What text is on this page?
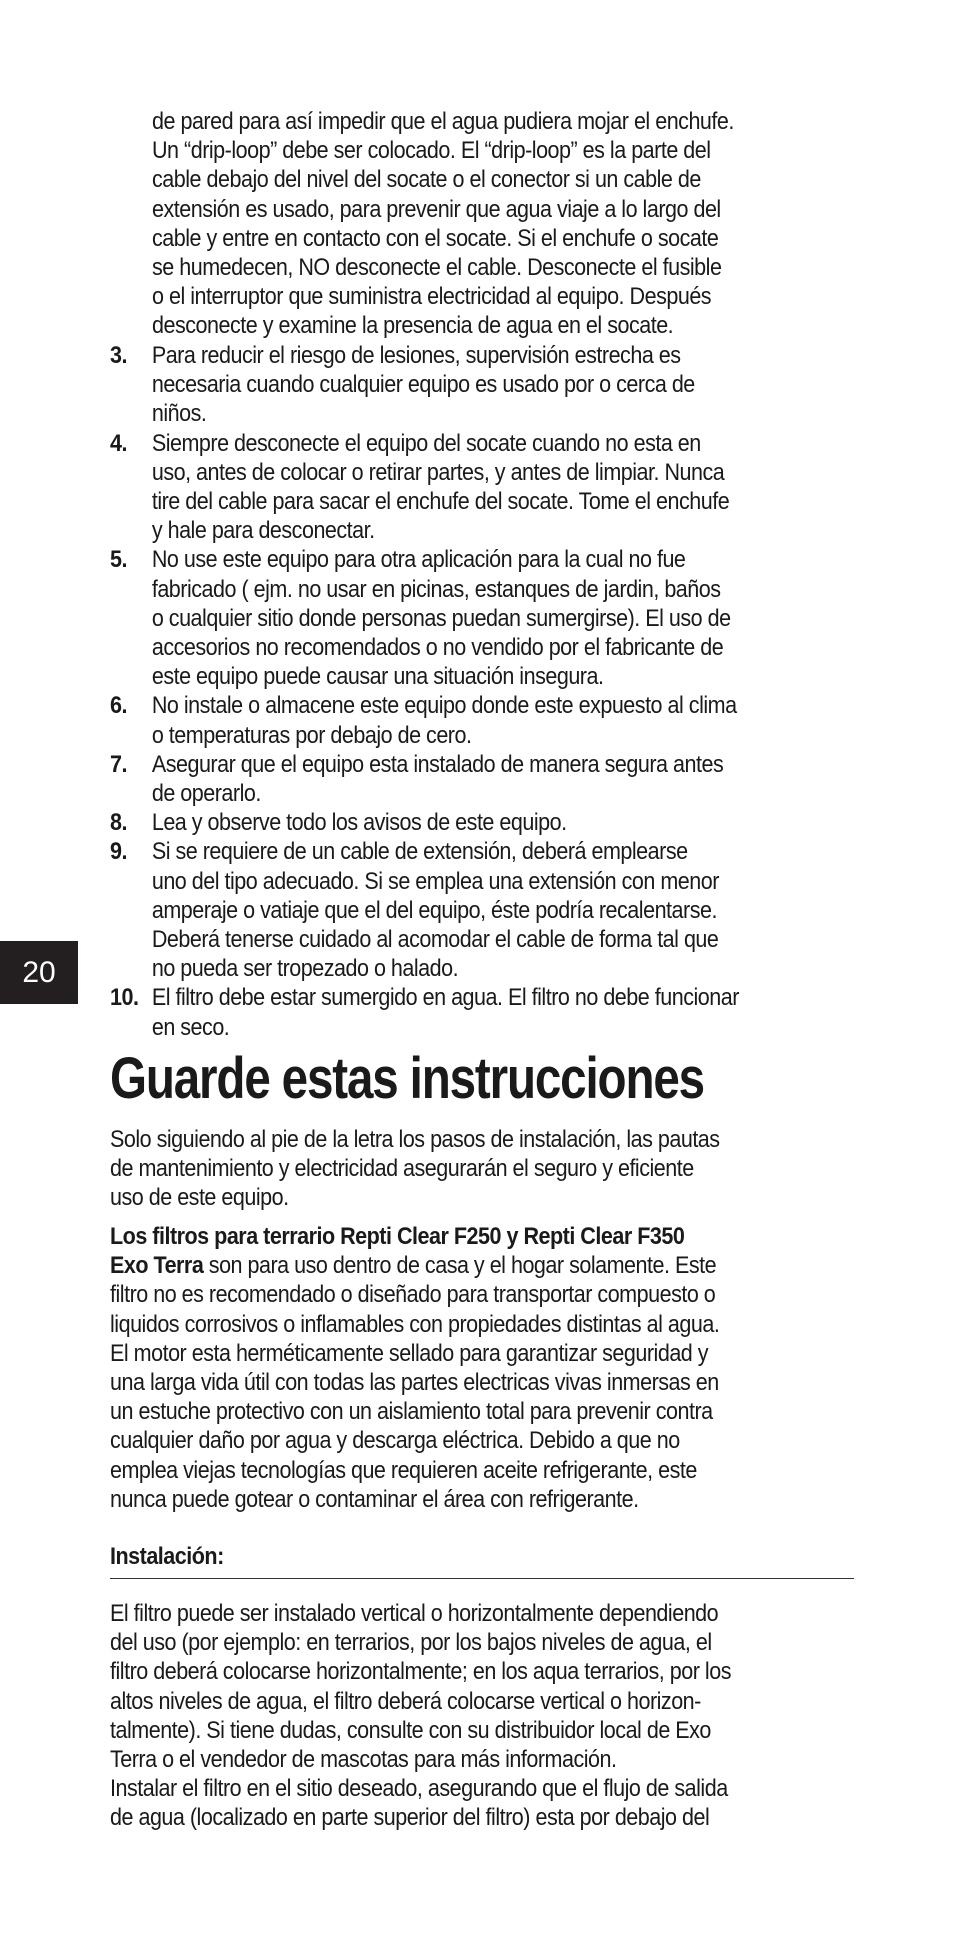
de pared para así impedir que el agua pudiera mojar el enchufe.
Un “drip-loop” debe ser colocado. El “drip-loop” es la parte del
cable debajo del nivel del socate o el conector si un cable de
extensión es usado, para prevenir que agua viaje a lo largo del
cable y entre en contacto con el socate. Si el enchufe o socate
se humedecen, NO desconecte el cable. Desconecte el fusible
o el interruptor que suministra electricidad al equipo. Después
desconecte y examine la presencia de agua en el socate.
3. Para reducir el riesgo de lesiones, supervisión estrecha es
necesaria cuando cualquier equipo es usado por o cerca de
niños.
4. Siempre desconecte el equipo del socate cuando no esta en
uso, antes de colocar o retirar partes, y antes de limpiar. Nunca
tire del cable para sacar el enchufe del socate. Tome el enchufe
y hale para desconectar.
5. No use este equipo para otra aplicación para la cual no fue
fabricado ( ejm. no usar en picinas, estanques de jardin, baños
o cualquier sitio donde personas puedan sumergirse). El uso de
accesorios no recomendados o no vendido por el fabricante de
este equipo puede causar una situación insegura.
6. No instale o almacene este equipo donde este expuesto al clima
o temperaturas por debajo de cero.
7. Asegurar que el equipo esta instalado de manera segura antes
de operarlo.
8. Lea y observe todo los avisos de este equipo.
9. Si se requiere de un cable de extensión, deberá emplearse
uno del tipo adecuado. Si se emplea una extensión con menor
amperaje o vatiaje que el del equipo, éste podría recalentarse.
Deberá tenerse cuidado al acomodar el cable de forma tal que
no pueda ser tropezado o halado.
10. El filtro debe estar sumergido en agua. El filtro no debe funcionar
en seco.
20
Guarde estas instrucciones
Solo siguiendo al pie de la letra los pasos de instalación, las pautas
de mantenimiento y electricidad asegurarán el seguro y eficiente
uso de este equipo.
Los filtros para terrario Repti Clear F250 y Repti Clear F350
Exo Terra son para uso dentro de casa y el hogar solamente. Este
filtro no es recomendado o diseñado para transportar compuesto o
liquidos corrosivos o inflamables con propiedades distintas al agua.
El motor esta herméticamente sellado para garantizar seguridad y
una larga vida útil con todas las partes electricas vivas inmersas en
un estuche protectivo con un aislamiento total para prevenir contra
cualquier daño por agua y descarga eléctrica. Debido a que no
emplea viejas tecnologías que requieren aceite refrigerante, este
nunca puede gotear o contaminar el área con refrigerante.
Instalación:
El filtro puede ser instalado vertical o horizontalmente dependiendo
del uso (por ejemplo: en terrarios, por los bajos niveles de agua, el
filtro deberá colocarse horizontalmente; en los aqua terrarios, por los
altos niveles de agua, el filtro deberá colocarse vertical o horizon-
talmente). Si tiene dudas, consulte con su distribuidor local de Exo
Terra o el vendedor de mascotas para más información.
Instalar el filtro en el sitio deseado, asegurando que el flujo de salida
de agua (localizado en parte superior del filtro) esta por debajo del
